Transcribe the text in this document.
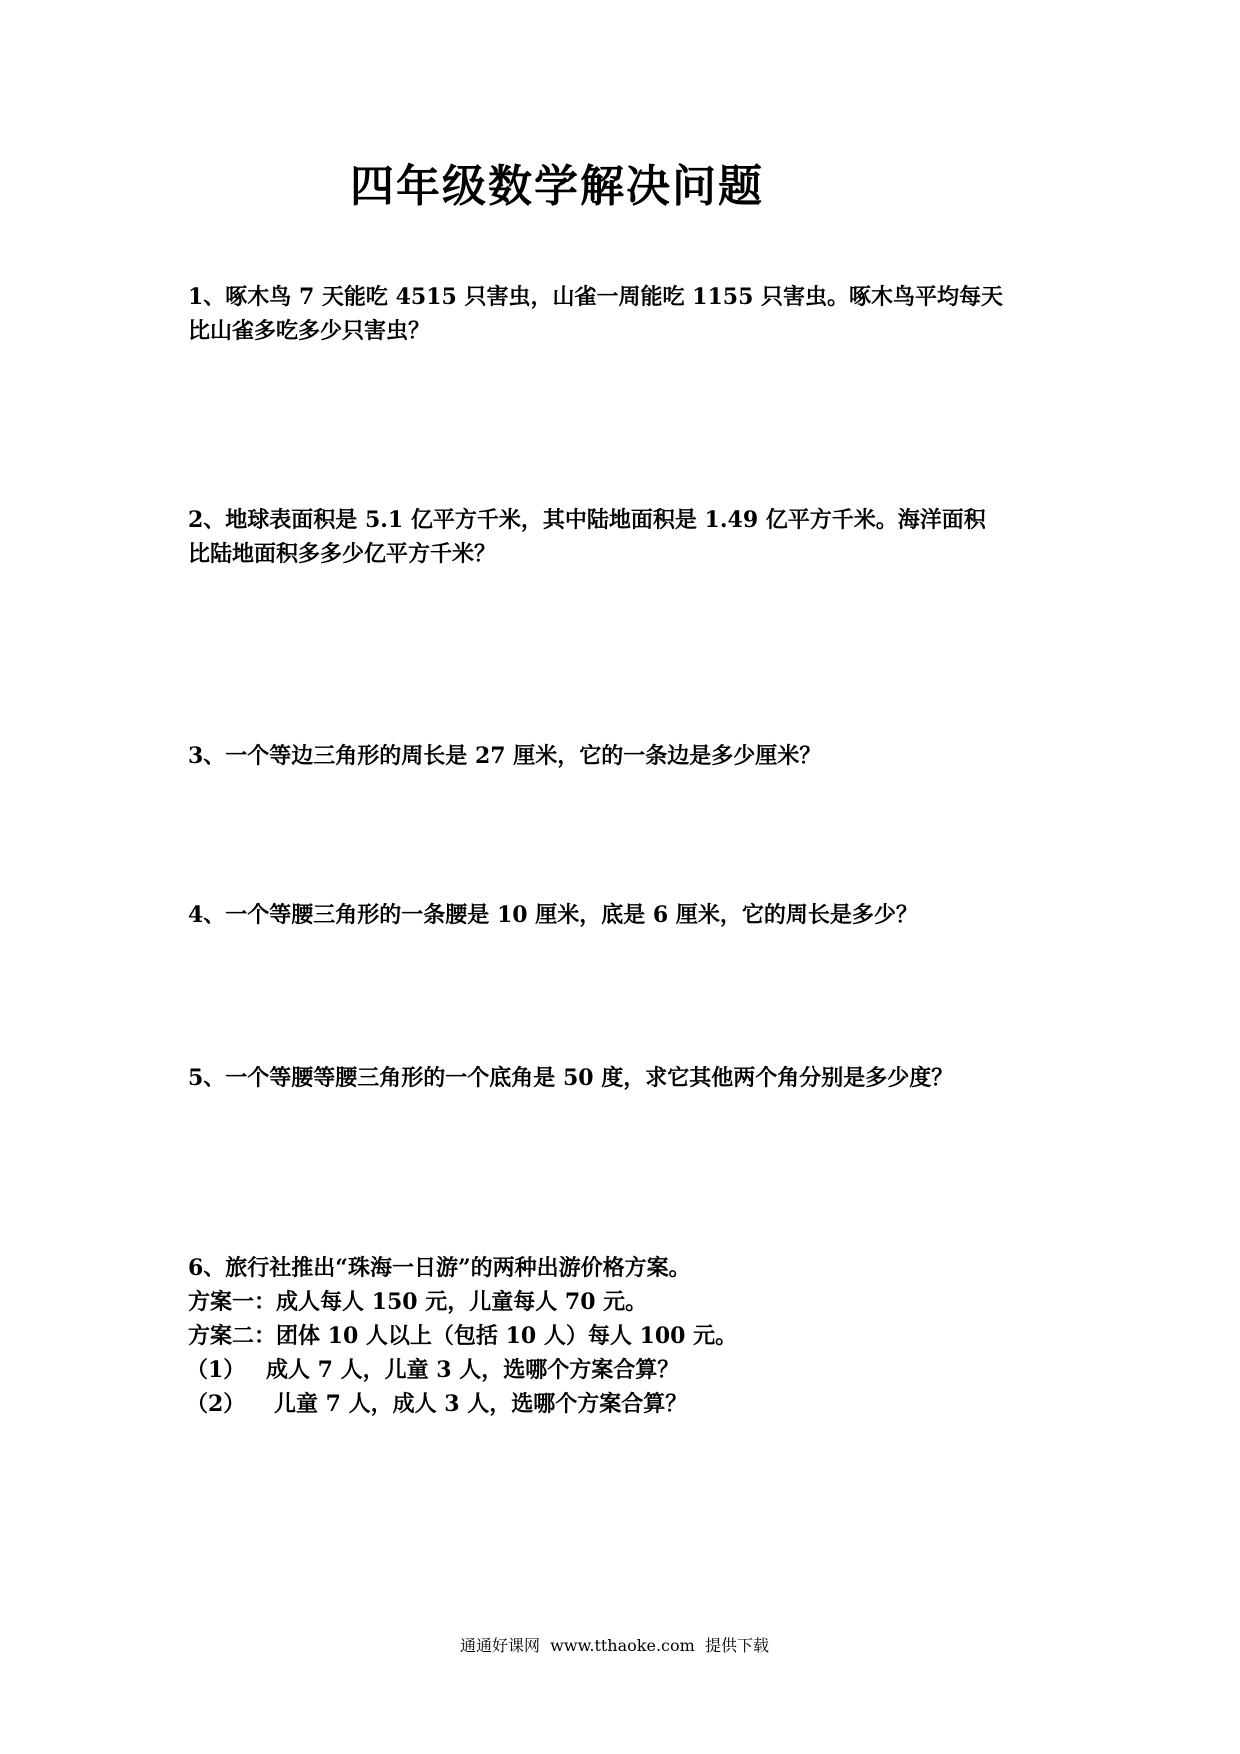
四年级数学解决问题
1、啄木鸟 7 天能吃 4515 只害虫，山雀一周能吃 1155 只害虫。啄木鸟平均每天
比山雀多吃多少只害虫？
2、地球表面积是 5.1 亿平方千米，其中陆地面积是 1.49 亿平方千米。海洋面积
比陆地面积多多少亿平方千米？
3、一个等边三角形的周长是 27 厘米，它的一条边是多少厘米？
4、一个等腰三角形的一条腰是 10 厘米，底是 6 厘米，它的周长是多少？
5、一个等腰等腰三角形的一个底角是 50 度，求它其他两个角分别是多少度？
6、旅行社推出“珠海一日游”的两种出游价格方案。
方案一：成人每人 150 元，儿童每人 70 元。
方案二：团体 10 人以上（包括 10 人）每人 100 元。
（1） 成人 7 人，儿童 3 人，选哪个方案合算？
（2） 儿童 7 人，成人 3 人，选哪个方案合算？
通通好课网  www.tthaoke.com  提供下载
